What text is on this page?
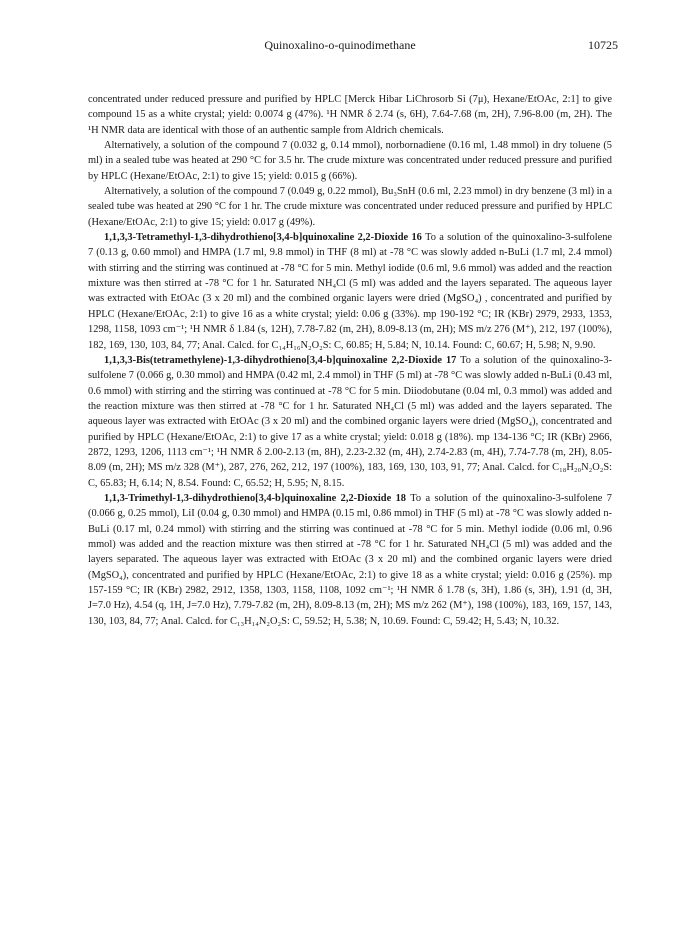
Quinoxalino-o-quinodimethane	10725

concentrated under reduced pressure and purified by HPLC [Merck Hibar LiChrosorb Si (7μ), Hexane/EtOAc, 2:1] to give compound 15 as a white crystal; yield: 0.0074 g (47%). ¹H NMR δ 2.74 (s, 6H), 7.64-7.68 (m, 2H), 7.96-8.00 (m, 2H). The ¹H NMR data are identical with those of an authentic sample from Aldrich chemicals.

Alternatively, a solution of the compound 7 (0.032 g, 0.14 mmol), norbornadiene (0.16 ml, 1.48 mmol) in dry toluene (5 ml) in a sealed tube was heated at 290 °C for 3.5 hr. The crude mixture was concentrated under reduced pressure and purified by HPLC (Hexane/EtOAc, 2:1) to give 15; yield: 0.015 g (66%).

Alternatively, a solution of the compound 7 (0.049 g, 0.22 mmol), Bu₃SnH (0.6 ml, 2.23 mmol) in dry benzene (3 ml) in a sealed tube was heated at 290 °C for 1 hr. The crude mixture was concentrated under reduced pressure and purified by HPLC (Hexane/EtOAc, 2:1) to give 15; yield: 0.017 g (49%).

1,1,3,3-Tetramethyl-1,3-dihydrothieno[3,4-b]quinoxaline 2,2-Dioxide 16 To a solution of the quinoxalino-3-sulfolene 7 (0.13 g, 0.60 mmol) and HMPA (1.7 ml, 9.8 mmol) in THF (8 ml) at -78 °C was slowly added n-BuLi (1.7 ml, 2.4 mmol) with stirring and the stirring was continued at -78 °C for 5 min. Methyl iodide (0.6 ml, 9.6 mmol) was added and the reaction mixture was then stirred at -78 °C for 1 hr. Saturated NH₄Cl (5 ml) was added and the layers separated. The aqueous layer was extracted with EtOAc (3 x 20 ml) and the combined organic layers were dried (MgSO₄) , concentrated and purified by HPLC (Hexane/EtOAc, 2:1) to give 16 as a white crystal; yield: 0.06 g (33%). mp 190-192 °C; IR (KBr) 2979, 2933, 1353, 1298, 1158, 1093 cm⁻¹; ¹H NMR δ 1.84 (s, 12H), 7.78-7.82 (m, 2H), 8.09-8.13 (m, 2H); MS m/z 276 (M⁺), 212, 197 (100%), 182, 169, 130, 103, 84, 77; Anal. Calcd. for C₁₄H₁₆N₂O₂S: C, 60.85; H, 5.84; N, 10.14. Found: C, 60.67; H, 5.98; N, 9.90.

1,1,3,3-Bis(tetramethylene)-1,3-dihydrothieno[3,4-b]quinoxaline 2,2-Dioxide 17 To a solution of the quinoxalino-3-sulfolene 7 (0.066 g, 0.30 mmol) and HMPA (0.42 ml, 2.4 mmol) in THF (5 ml) at -78 °C was slowly added n-BuLi (0.43 ml, 0.6 mmol) with stirring and the stirring was continued at -78 °C for 5 min. Diiodobutane (0.04 ml, 0.3 mmol) was added and the reaction mixture was then stirred at -78 °C for 1 hr. Saturated NH₄Cl (5 ml) was added and the layers separated. The aqueous layer was extracted with EtOAc (3 x 20 ml) and the combined organic layers were dried (MgSO₄), concentrated and purified by HPLC (Hexane/EtOAc, 2:1) to give 17 as a white crystal; yield: 0.018 g (18%). mp 134-136 °C; IR (KBr) 2966, 2872, 1293, 1206, 1113 cm⁻¹; ¹H NMR δ 2.00-2.13 (m, 8H), 2.23-2.32 (m, 4H), 2.74-2.83 (m, 4H), 7.74-7.78 (m, 2H), 8.05-8.09 (m, 2H); MS m/z 328 (M⁺), 287, 276, 262, 212, 197 (100%), 183, 169, 130, 103, 91, 77; Anal. Calcd. for C₁₈H₂₀N₂O₂S: C, 65.83; H, 6.14; N, 8.54. Found: C, 65.52; H, 5.95; N, 8.15.

1,1,3-Trimethyl-1,3-dihydrothieno[3,4-b]quinoxaline 2,2-Dioxide 18 To a solution of the quinoxalino-3-sulfolene 7 (0.066 g, 0.25 mmol), LiI (0.04 g, 0.30 mmol) and HMPA (0.15 ml, 0.86 mmol) in THF (5 ml) at -78 °C was slowly added n-BuLi (0.17 ml, 0.24 mmol) with stirring and the stirring was continued at -78 °C for 5 min. Methyl iodide (0.06 ml, 0.96 mmol) was added and the reaction mixture was then stirred at -78 °C for 1 hr. Saturated NH₄Cl (5 ml) was added and the layers separated. The aqueous layer was extracted with EtOAc (3 x 20 ml) and the combined organic layers were dried (MgSO₄), concentrated and purified by HPLC (Hexane/EtOAc, 2:1) to give 18 as a white crystal; yield: 0.016 g (25%). mp 157-159 °C; IR (KBr) 2982, 2912, 1358, 1303, 1158, 1108, 1092 cm⁻¹; ¹H NMR δ 1.78 (s, 3H), 1.86 (s, 3H), 1.91 (d, 3H, J=7.0 Hz), 4.54 (q, 1H, J=7.0 Hz), 7.79-7.82 (m, 2H), 8.09-8.13 (m, 2H); MS m/z 262 (M⁺), 198 (100%), 183, 169, 157, 143, 130, 103, 84, 77; Anal. Calcd. for C₁₃H₁₄N₂O₂S: C, 59.52; H, 5.38; N, 10.69. Found: C, 59.42; H, 5.43; N, 10.32.
